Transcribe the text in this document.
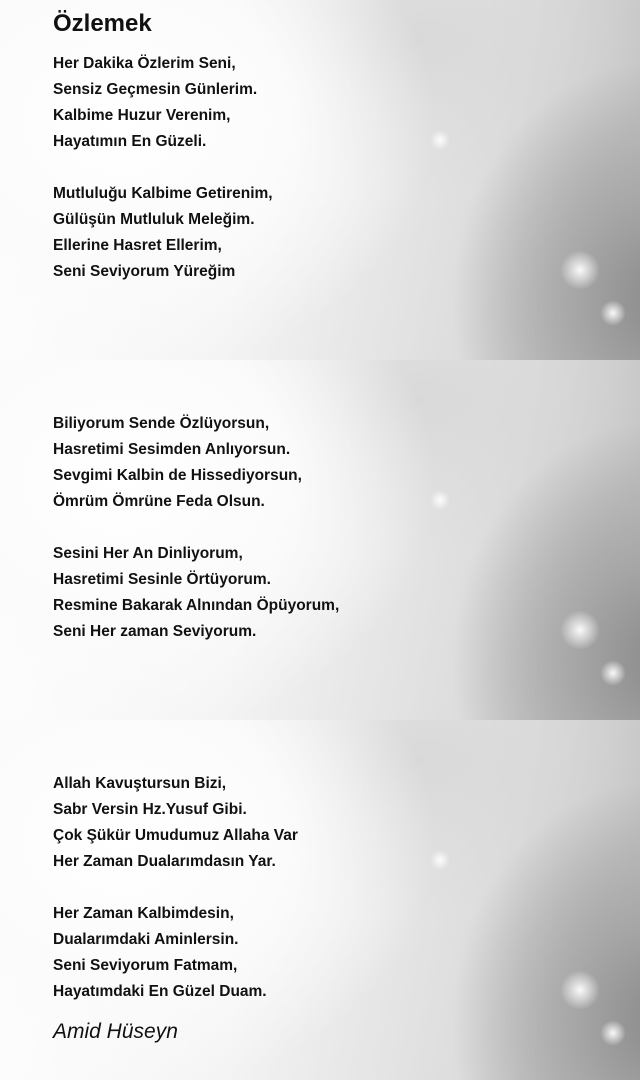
Özlemek

Her Dakika Özlerim Seni,
Sensiz Geçmesin Günlerim.
Kalbime Huzur Verenim,
Hayatımın En Güzeli.

Mutluluğu Kalbime Getirenim,
Gülüşün Mutluluk Meleğim.
Ellerine Hasret Ellerim,
Seni Seviyorum Yüreğim

Biliyorum Sende Özlüyorsun,
Hasretimi Sesimden Anlıyorsun.
Sevgimi Kalbin de Hissediyorsun,
Ömrüm Ömrüne Feda Olsun.

Sesini Her An Dinliyorum,
Hasretimi Sesinle Örtüyorum.
Resmine Bakarak Alnından Öpüyorum,
Seni Her zaman Seviyorum.

Allah Kavuştursun Bizi,
Sabr Versin Hz.Yusuf Gibi.
Çok Şükür Umudumuz Allaha Var
Her Zaman Dualarımdasın Yar.

Her Zaman Kalbimdesin,
Dualarımdaki Aminlersin.
Seni Seviyorum Fatmam,
Hayatımdaki En Güzel Duam.

Amid Hüseyn
